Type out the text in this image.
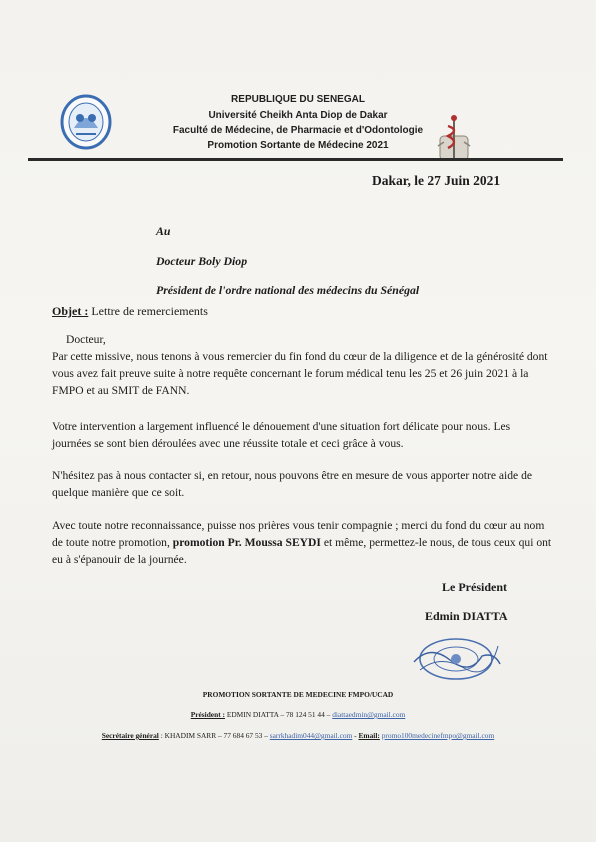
REPUBLIQUE DU SENEGAL
Université Cheikh Anta Diop de Dakar
Faculté de Médecine, de Pharmacie et d'Odontologie
Promotion Sortante de Médecine 2021
Dakar, le 27 Juin 2021
Au
Docteur Boly Diop
Président de l'ordre national des médecins du Sénégal
Objet : Lettre de remerciements
Docteur,
Par cette missive, nous tenons à vous remercier du fin fond du cœur de la diligence et de la générosité dont vous avez fait preuve suite à notre requête concernant le forum médical tenu les 25 et 26 juin 2021 à la FMPO et au SMIT de FANN.
Votre intervention a largement influencé le dénouement d'une situation fort délicate pour nous. Les journées se sont bien déroulées avec une réussite totale et ceci grâce à vous.
N'hésitez pas à nous contacter si, en retour, nous pouvons être en mesure de vous apporter notre aide de quelque manière que ce soit.
Avec toute notre reconnaissance, puisse nos prières vous tenir compagnie ; merci du fond du cœur au nom de toute notre promotion, promotion Pr. Moussa SEYDI et même, permettez-le nous, de tous ceux qui ont eu à s'épanouir de la journée.
Le Président
Edmin DIATTA
PROMOTION SORTANTE DE MEDECINE FMPO/UCAD
Président : EDMIN DIATTA – 78 124 51 44 – diattaedmin@gmail.com
Secrétaire général : KHADIM SARR – 77 684 67 53 – sarrkhadim044@gmail.com - Email: promo100medecinefmpo@gmail.com
